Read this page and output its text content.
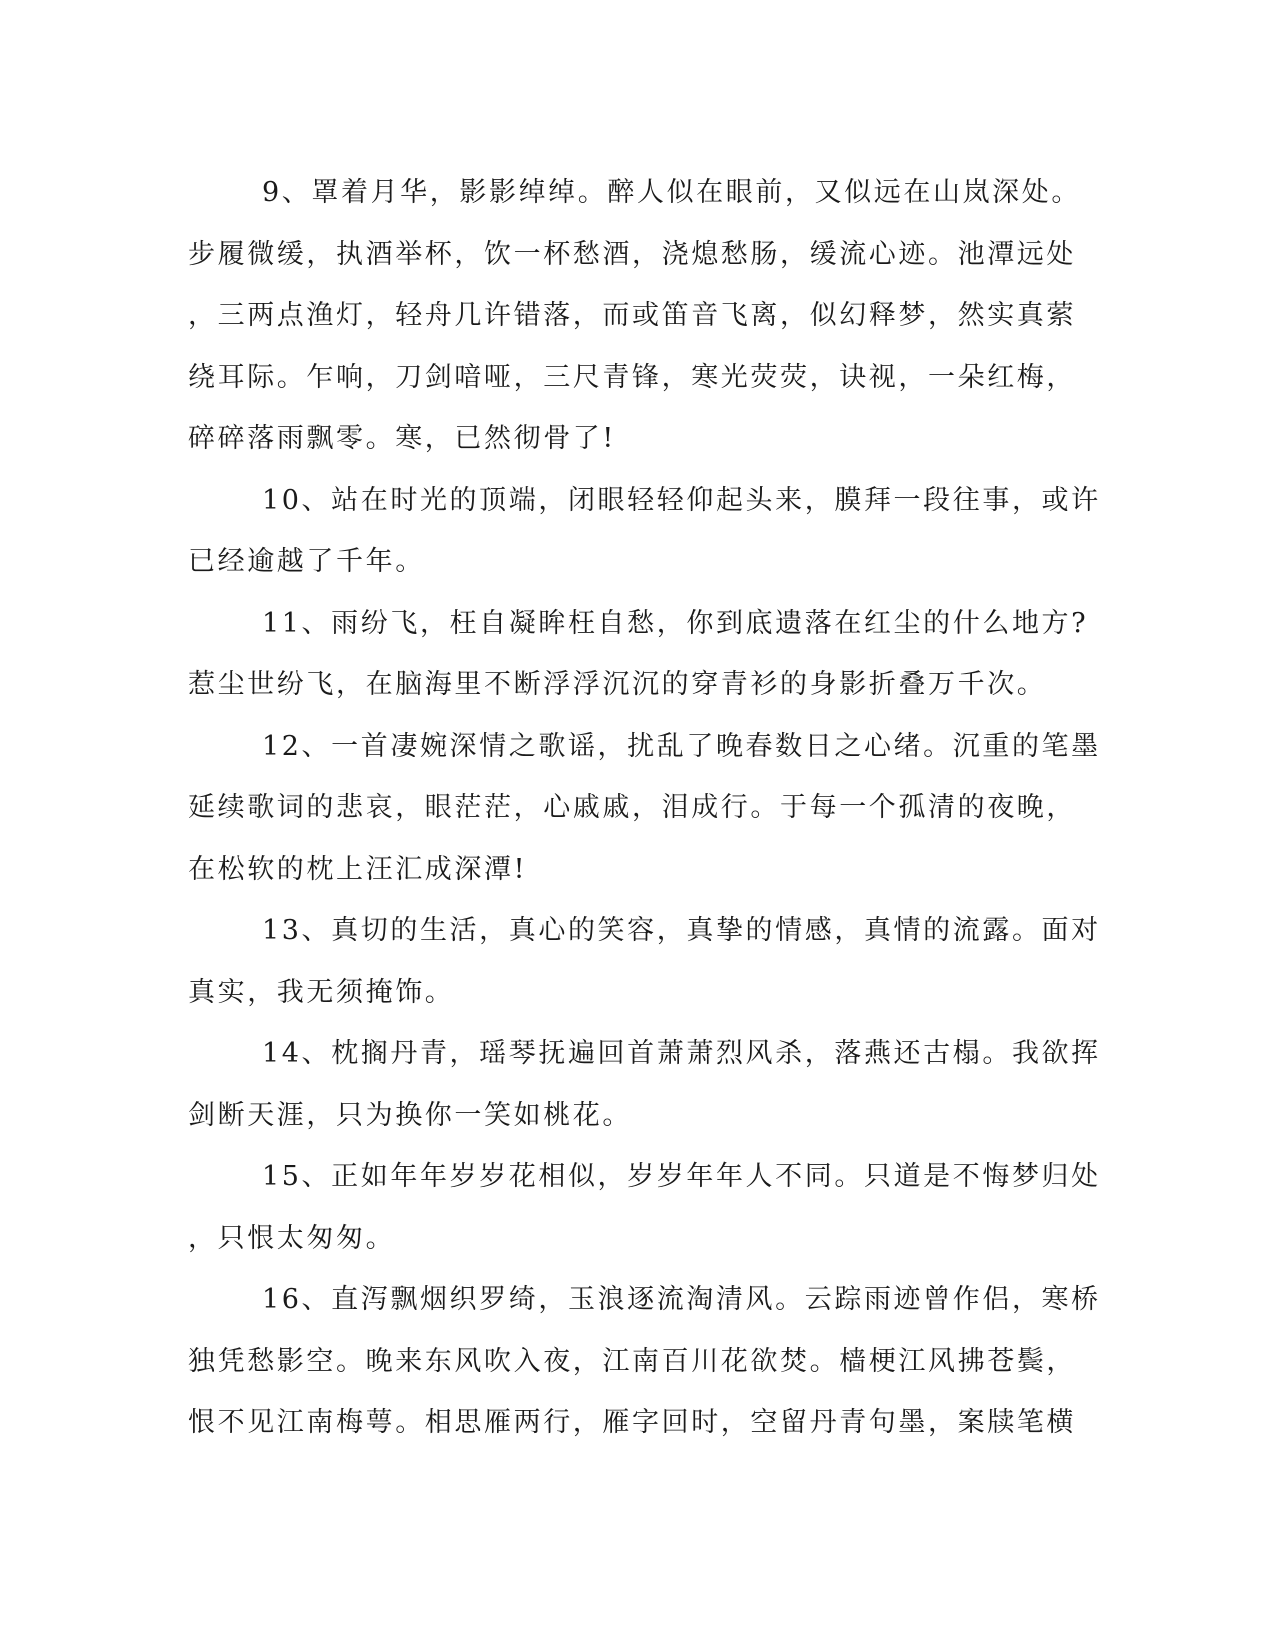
9、罩着月华，影影绰绰。醉人似在眼前，又似远在山岚深处。
步履微缓，执酒举杯，饮一杯愁酒，浇熄愁肠，缓流心迹。池潭远处
，三两点渔灯，轻舟几许错落，而或笛音飞离，似幻释梦，然实真萦
绕耳际。乍响，刀剑喑哑，三尺青锋，寒光荧荧，诀视，一朵红梅，
碎碎落雨飘零。寒，已然彻骨了!
10、站在时光的顶端，闭眼轻轻仰起头来，膜拜一段往事，或许
已经逾越了千年。
11、雨纷飞，枉自凝眸枉自愁，你到底遗落在红尘的什么地方?
惹尘世纷飞，在脑海里不断浮浮沉沉的穿青衫的身影折叠万千次。
12、一首凄婉深情之歌谣，扰乱了晚春数日之心绪。沉重的笔墨
延续歌词的悲哀，眼茫茫，心戚戚，泪成行。于每一个孤清的夜晚，
在松软的枕上汪汇成深潭!
13、真切的生活，真心的笑容，真挚的情感，真情的流露。面对
真实，我无须掩饰。
14、枕搁丹青，瑶琴抚遍回首萧萧烈风杀，落燕还古榻。我欲挥
剑断天涯，只为换你一笑如桃花。
15、正如年年岁岁花相似，岁岁年年人不同。只道是不悔梦归处
，只恨太匆匆。
16、直泻飘烟织罗绮，玉浪逐流淘清风。云踪雨迹曾作侣，寒桥
独凭愁影空。晚来东风吹入夜，江南百川花欲焚。樯梗江风拂苍鬓，
恨不见江南梅萼。相思雁两行，雁字回时，空留丹青句墨，案牍笔横
